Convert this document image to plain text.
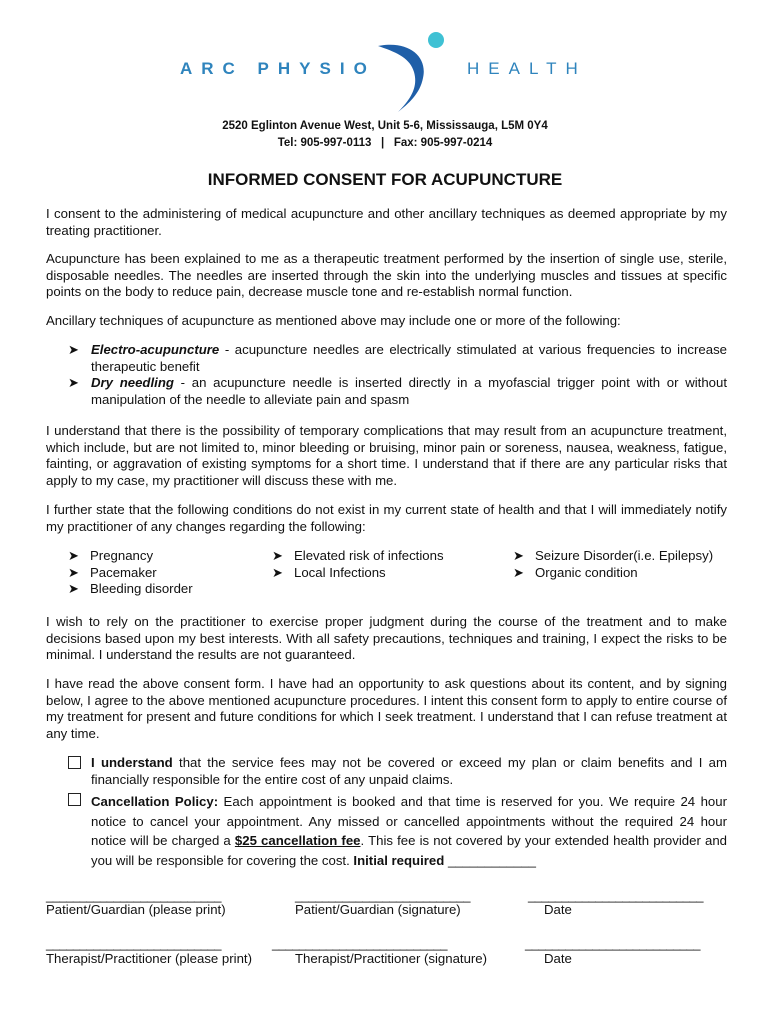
ARC PHYSIO	HEALTH
2520 Eglinton Avenue West, Unit 5-6, Mississauga, L5M 0Y4
Tel: 905-997-0113   |   Fax: 905-997-0214
INFORMED CONSENT FOR ACUPUNCTURE
I consent to the administering of medical acupuncture and other ancillary techniques as deemed appropriate by my treating practitioner.
Acupuncture has been explained to me as a therapeutic treatment performed by the insertion of single use, sterile, disposable needles. The needles are inserted through the skin into the underlying muscles and tissues at specific points on the body to reduce pain, decrease muscle tone and re-establish normal function.
Ancillary techniques of acupuncture as mentioned above may include one or more of the following:
➤ Electro-acupuncture - acupuncture needles are electrically stimulated at various frequencies to increase therapeutic benefit
➤ Dry needling - an acupuncture needle is inserted directly in a myofascial trigger point with or without manipulation of the needle to alleviate pain and spasm
I understand that there is the possibility of temporary complications that may result from an acupuncture treatment, which include, but are not limited to, minor bleeding or bruising, minor pain or soreness, nausea, weakness, fatigue, fainting, or aggravation of existing symptoms for a short time. I understand that if there are any particular risks that apply to my case, my practitioner will discuss these with me.
I further state that the following conditions do not exist in my current state of health and that I will immediately notify my practitioner of any changes regarding the following:
➤ Pregnancy
➤ Pacemaker
➤ Bleeding disorder
➤ Elevated risk of infections
➤ Local Infections
➤ Seizure Disorder(i.e. Epilepsy)
➤ Organic condition
I wish to rely on the practitioner to exercise proper judgment during the course of the treatment and to make decisions based upon my best interests. With all safety precautions, techniques and training, I expect the risks to be minimal. I understand the results are not guaranteed.
I have read the above consent form. I have had an opportunity to ask questions about its content, and by signing below, I agree to the above mentioned acupuncture procedures. I intent this consent form to apply to entire course of my treatment for present and future conditions for which I seek treatment. I understand that I can refuse treatment at any time.
I understand that the service fees may not be covered or exceed my plan or claim benefits and I am financially responsible for the entire cost of any unpaid claims.
Cancellation Policy: Each appointment is booked and that time is reserved for you. We require 24 hour notice to cancel your appointment. Any missed or cancelled appointments without the required 24 hour notice will be charged a $25 cancellation fee. This fee is not covered by your extended health provider and you will be responsible for covering the cost. Initial required ____________
__________________________	__________________________	__________________________
Patient/Guardian (please print)	Patient/Guardian (signature)	Date
__________________________	__________________________	__________________________
Therapist/Practitioner (please print)	Therapist/Practitioner (signature)	Date
